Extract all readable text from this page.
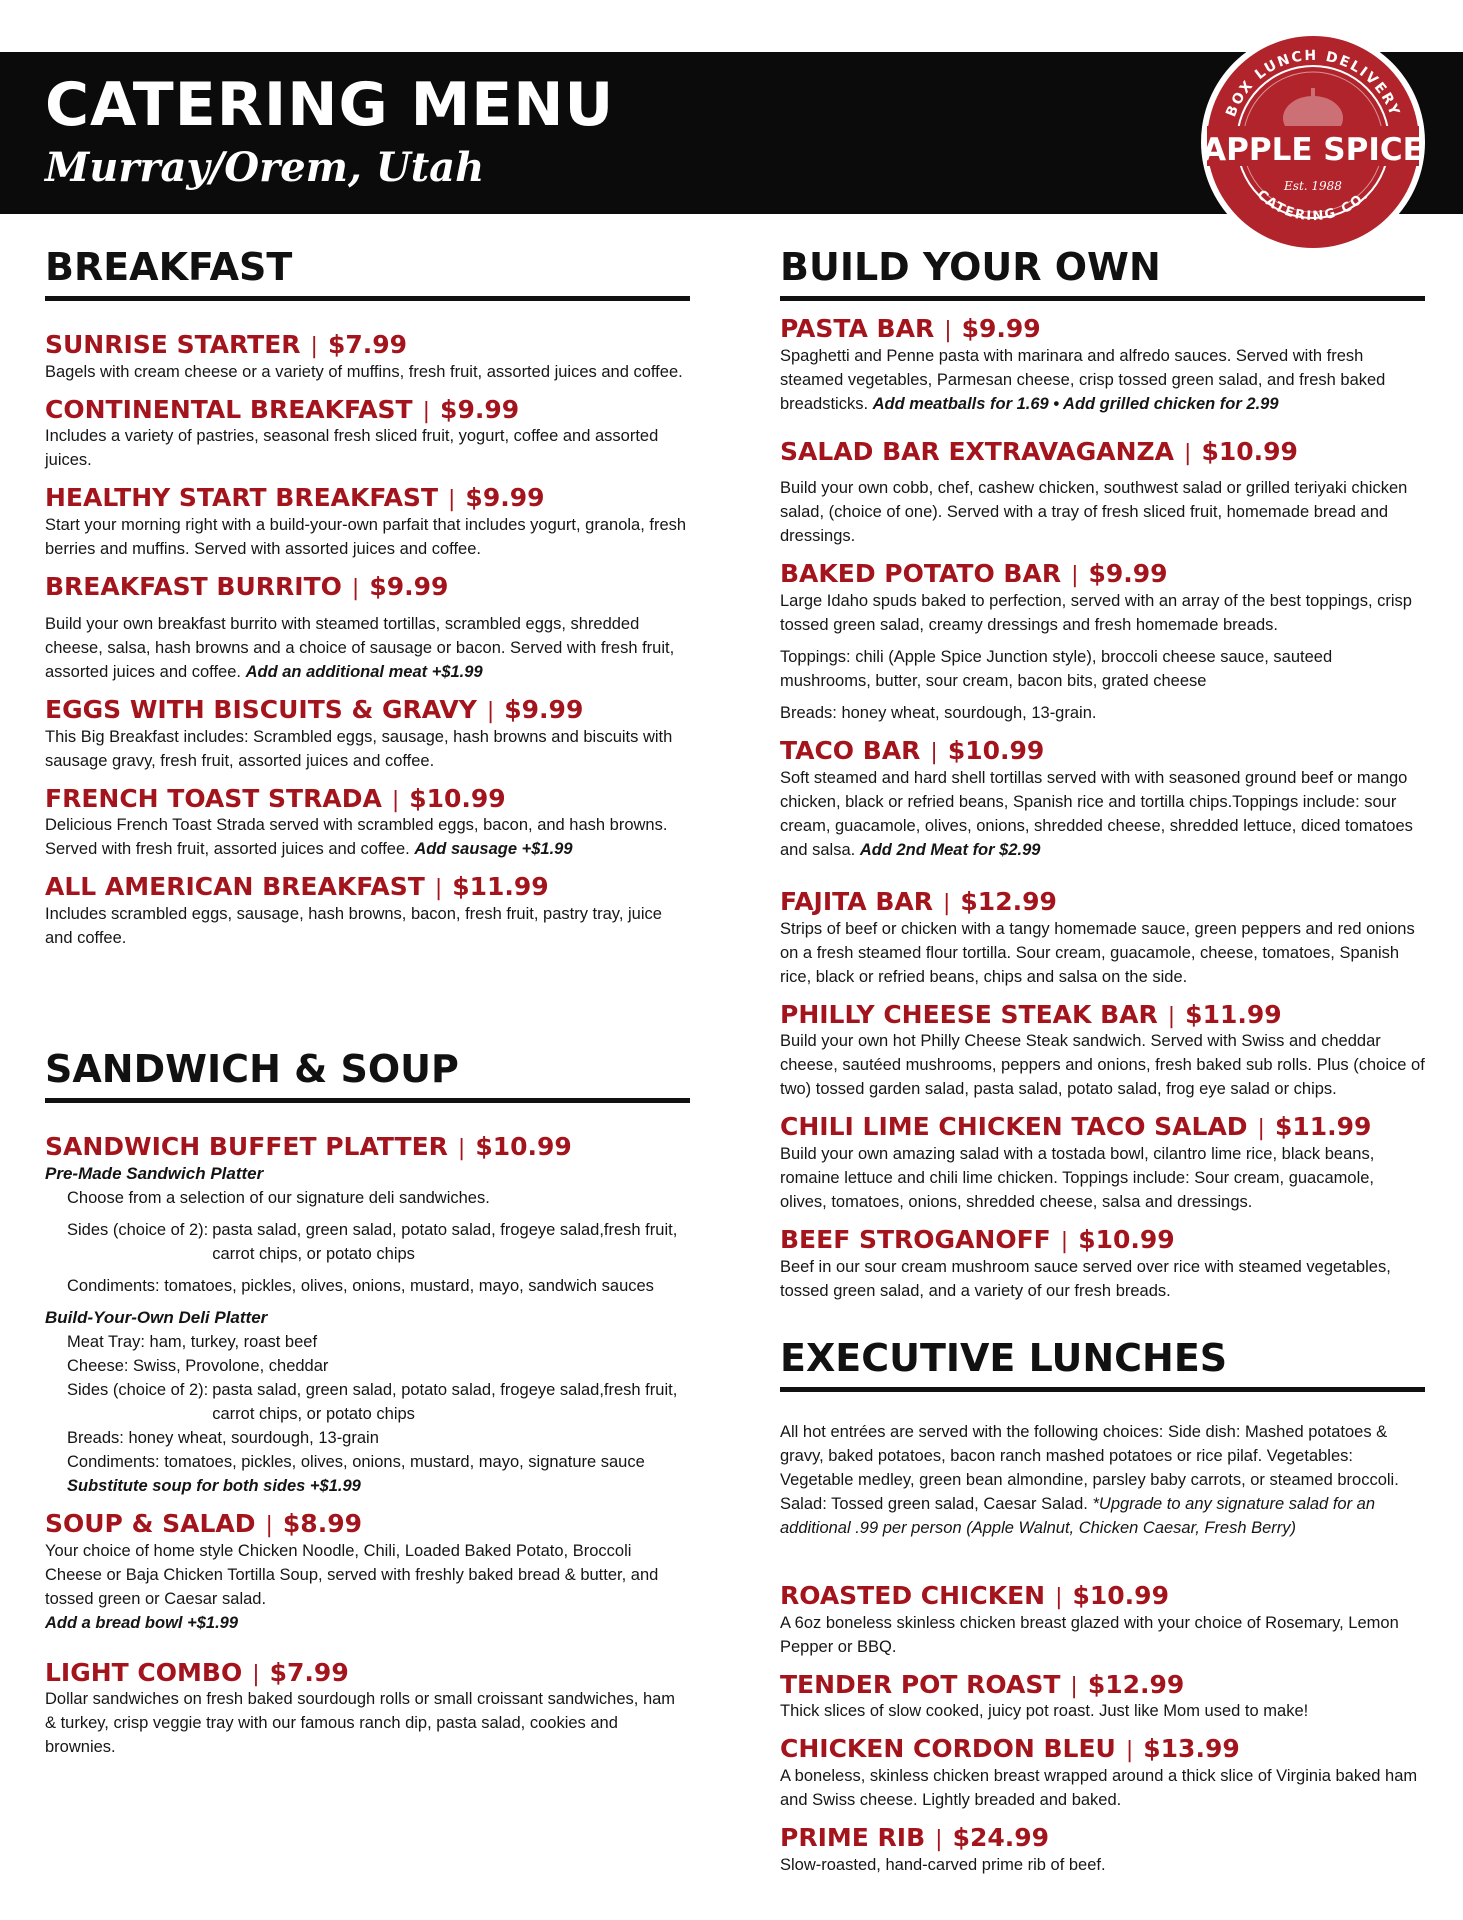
CATERING MENU
Murray/Orem, Utah
BOX LUNCH DELIVERY
APPLE SPICE
Est. 1988
CATERING CO.
BREAKFAST
SUNRISE STARTER | $7.99
Bagels with cream cheese or a variety of muffins, fresh fruit, assorted juices and coffee.
CONTINENTAL BREAKFAST | $9.99
Includes a variety of pastries, seasonal fresh sliced fruit, yogurt, coffee and assorted juices.
HEALTHY START BREAKFAST | $9.99
Start your morning right with a build-your-own parfait that includes yogurt, granola, fresh berries and muffins. Served with assorted juices and coffee.
BREAKFAST BURRITO | $9.99
Build your own breakfast burrito with steamed tortillas, scrambled eggs, shredded cheese, salsa, hash browns and a choice of sausage or bacon. Served with fresh fruit, assorted juices and coffee. Add an additional meat +$1.99
EGGS WITH BISCUITS & GRAVY | $9.99
This Big Breakfast includes: Scrambled eggs, sausage, hash browns and biscuits with sausage gravy, fresh fruit, assorted juices and coffee.
FRENCH TOAST STRADA | $10.99
Delicious French Toast Strada served with scrambled eggs, bacon, and hash browns. Served with fresh fruit, assorted juices and coffee. Add sausage +$1.99
ALL AMERICAN BREAKFAST | $11.99
Includes scrambled eggs, sausage, hash browns, bacon, fresh fruit, pastry tray, juice and coffee.
SANDWICH & SOUP
SANDWICH BUFFET PLATTER | $10.99
Pre-Made Sandwich Platter
Choose from a selection of our signature deli sandwiches.
Sides (choice of 2): pasta salad, green salad, potato salad, frogeye salad,fresh fruit, carrot chips, or potato chips
Condiments: tomatoes, pickles, olives, onions, mustard, mayo, sandwich sauces
Build-Your-Own Deli Platter
Meat Tray: ham, turkey, roast beef
Cheese: Swiss, Provolone, cheddar
Sides (choice of 2): pasta salad, green salad, potato salad, frogeye salad,fresh fruit, carrot chips, or potato chips
Breads: honey wheat, sourdough, 13-grain
Condiments: tomatoes, pickles, olives, onions, mustard, mayo, signature sauce
Substitute soup for both sides +$1.99
SOUP & SALAD | $8.99
Your choice of home style Chicken Noodle, Chili, Loaded Baked Potato, Broccoli Cheese or Baja Chicken Tortilla Soup, served with freshly baked bread & butter, and tossed green or Caesar salad.
Add a bread bowl +$1.99
LIGHT COMBO | $7.99
Dollar sandwiches on fresh baked sourdough rolls or small croissant sandwiches, ham & turkey, crisp veggie tray with our famous ranch dip, pasta salad, cookies and brownies.
BUILD YOUR OWN
PASTA BAR | $9.99
Spaghetti and Penne pasta with marinara and alfredo sauces. Served with fresh steamed vegetables, Parmesan cheese, crisp tossed green salad, and fresh baked breadsticks. Add meatballs for 1.69 • Add grilled chicken for 2.99
SALAD BAR EXTRAVAGANZA | $10.99
Build your own cobb, chef, cashew chicken, southwest salad or grilled teriyaki chicken salad, (choice of one). Served with a tray of fresh sliced fruit, homemade bread and dressings.
BAKED POTATO BAR | $9.99
Large Idaho spuds baked to perfection, served with an array of the best toppings, crisp tossed green salad, creamy dressings and fresh homemade breads.
Toppings: chili (Apple Spice Junction style), broccoli cheese sauce, sauteed mushrooms, butter, sour cream, bacon bits, grated cheese
Breads: honey wheat, sourdough, 13-grain.
TACO BAR | $10.99
Soft steamed and hard shell tortillas served with with seasoned ground beef or mango chicken, black or refried beans, Spanish rice and tortilla chips.Toppings include: sour cream, guacamole, olives, onions, shredded cheese, shredded lettuce, diced tomatoes and salsa. Add 2nd Meat for $2.99
FAJITA BAR | $12.99
Strips of beef or chicken with a tangy homemade sauce, green peppers and red onions on a fresh steamed flour tortilla. Sour cream, guacamole, cheese, tomatoes, Spanish rice, black or refried beans, chips and salsa on the side.
PHILLY CHEESE STEAK BAR | $11.99
Build your own hot Philly Cheese Steak sandwich. Served with Swiss and cheddar cheese, sautéed mushrooms, peppers and onions, fresh baked sub rolls. Plus (choice of two) tossed garden salad, pasta salad, potato salad, frog eye salad or chips.
CHILI LIME CHICKEN TACO SALAD | $11.99
Build your own amazing salad with a tostada bowl, cilantro lime rice, black beans, romaine lettuce and chili lime chicken. Toppings include: Sour cream, guacamole, olives, tomatoes, onions, shredded cheese, salsa and dressings.
BEEF STROGANOFF | $10.99
Beef in our sour cream mushroom sauce served over rice with steamed vegetables, tossed green salad, and a variety of our fresh breads.
EXECUTIVE LUNCHES
All hot entrées are served with the following choices: Side dish: Mashed potatoes & gravy, baked potatoes, bacon ranch mashed potatoes or rice pilaf. Vegetables: Vegetable medley, green bean almondine, parsley baby carrots, or steamed broccoli. Salad: Tossed green salad, Caesar Salad. *Upgrade to any signature salad for an additional .99 per person (Apple Walnut, Chicken Caesar, Fresh Berry)
ROASTED CHICKEN | $10.99
A 6oz boneless skinless chicken breast glazed with your choice of Rosemary, Lemon Pepper or BBQ.
TENDER POT ROAST | $12.99
Thick slices of slow cooked, juicy pot roast. Just like Mom used to make!
CHICKEN CORDON BLEU | $13.99
A boneless, skinless chicken breast wrapped around a thick slice of Virginia baked ham and Swiss cheese. Lightly breaded and baked.
PRIME RIB | $24.99
Slow-roasted, hand-carved prime rib of beef.
